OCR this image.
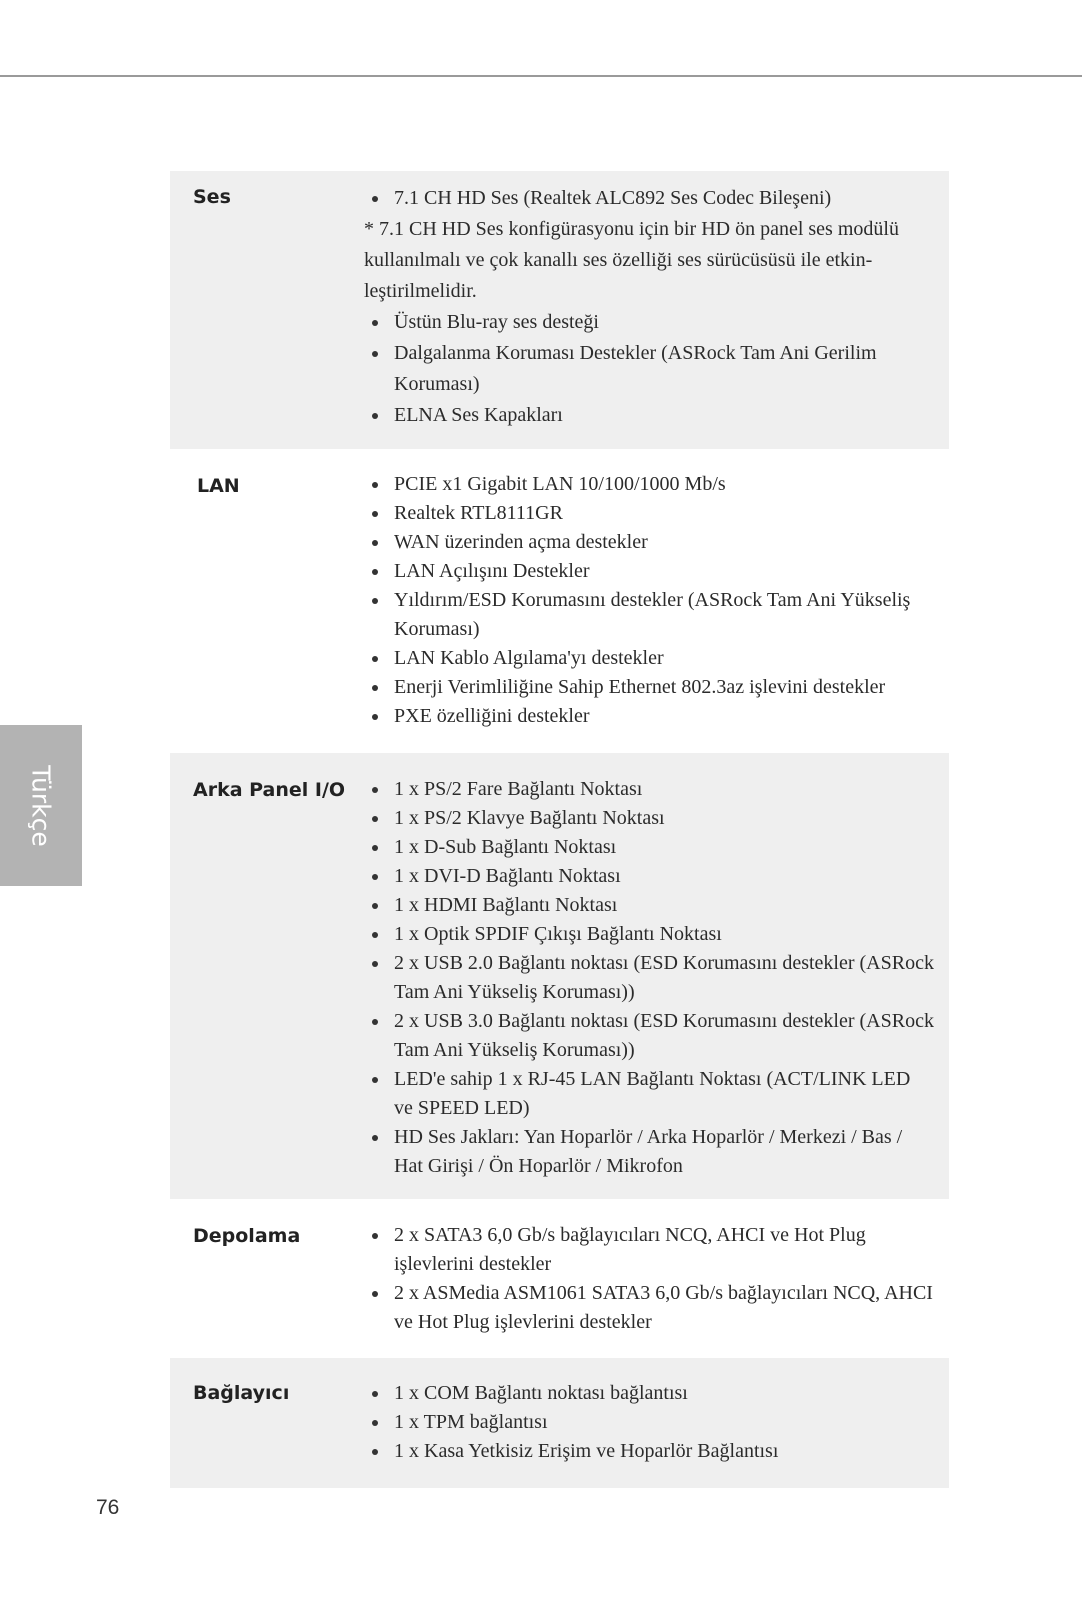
Türkçe
Ses	7.1 CH HD Ses (Realtek ALC892 Ses Codec Bileşeni)
* 7.1 CH HD Ses konfigürasyonu için bir HD ön panel ses modülü kullanılmalı ve çok kanallı ses özelliği ses sürücüsüsü ile etkin-leştirilmelidir.
Üstün Blu-ray ses desteği
Dalgalanma Koruması Destekler (ASRock Tam Ani Gerilim Koruması)
ELNA Ses Kapakları
LAN	PCIE x1 Gigabit LAN 10/100/1000 Mb/s
Realtek RTL8111GR
WAN üzerinden açma destekler
LAN Açılışını Destekler
Yıldırım/ESD Korumasını destekler (ASRock Tam Ani Yükseliş Koruması)
LAN Kablo Algılama'yı destekler
Enerji Verimliliğine Sahip Ethernet 802.3az işlevini destekler
PXE özelliğini destekler
Arka Panel I/O	1 x PS/2 Fare Bağlantı Noktası
1 x PS/2 Klavye Bağlantı Noktası
1 x D-Sub Bağlantı Noktası
1 x DVI-D Bağlantı Noktası
1 x HDMI Bağlantı Noktası
1 x Optik SPDIF Çıkışı Bağlantı Noktası
2 x USB 2.0 Bağlantı noktası (ESD Korumasını destekler (ASRock Tam Ani Yükseliş Koruması))
2 x USB 3.0 Bağlantı noktası (ESD Korumasını destekler (ASRock Tam Ani Yükseliş Koruması))
LED'e sahip 1 x RJ-45 LAN Bağlantı Noktası (ACT/LINK LED ve SPEED LED)
HD Ses Jakları: Yan Hoparlör / Arka Hoparlör / Merkezi / Bas / Hat Girişi / Ön Hoparlör / Mikrofon
Depolama	2 x SATA3 6,0 Gb/s bağlayıcıları NCQ, AHCI ve Hot Plug işlevlerini destekler
2 x ASMedia ASM1061 SATA3 6,0 Gb/s bağlayıcıları NCQ, AHCI ve Hot Plug işlevlerini destekler
Bağlayıcı	1 x COM Bağlantı noktası bağlantısı
1 x TPM bağlantısı
1 x Kasa Yetkisiz Erişim ve Hoparlör Bağlantısı
76
